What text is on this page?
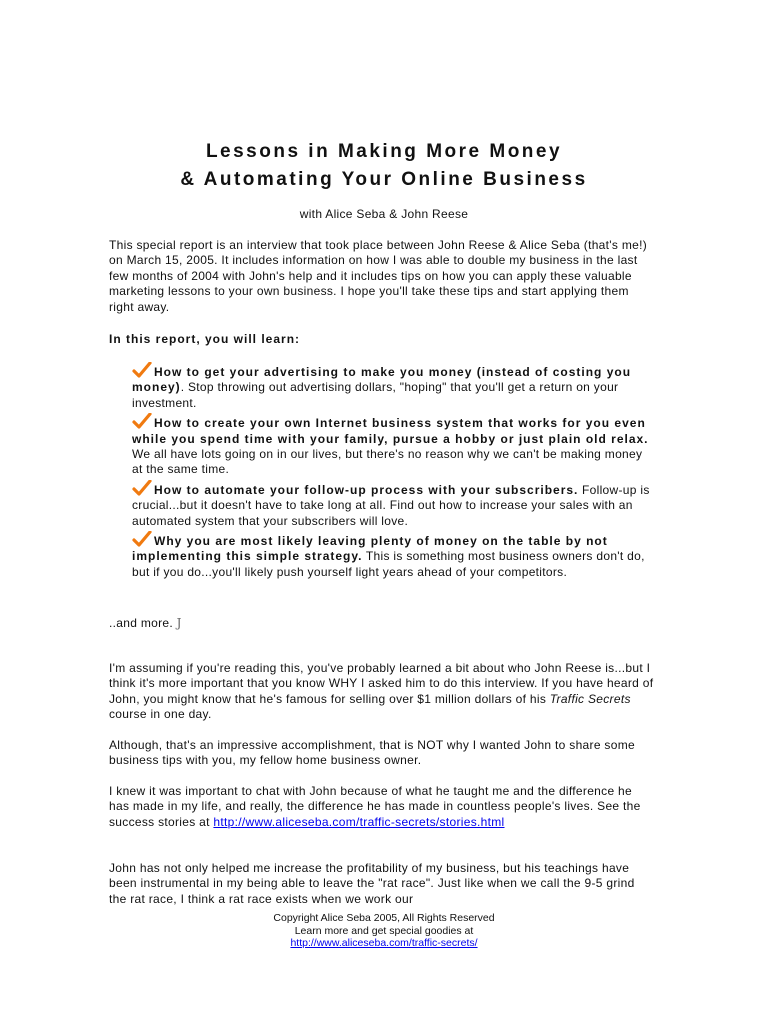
Lessons in Making More Money
& Automating Your Online Business
with Alice Seba & John Reese

This special report is an interview that took place between John Reese & Alice Seba (that's me!) on March 15, 2005. It includes information on how I was able to double my business in the last few months of 2004 with John's help and it includes tips on how you can apply these valuable marketing lessons to your own business. I hope you'll take these tips and start applying them right away.

In this report, you will learn:

How to get your advertising to make you money (instead of costing you money). Stop throwing out advertising dollars, "hoping" that you'll get a return on your investment.
How to create your own Internet business system that works for you even while you spend time with your family, pursue a hobby or just plain old relax. We all have lots going on in our lives, but there's no reason why we can't be making money at the same time.
How to automate your follow-up process with your subscribers. Follow-up is crucial...but it doesn't have to take long at all. Find out how to increase your sales with an automated system that your subscribers will love.
Why you are most likely leaving plenty of money on the table by not implementing this simple strategy. This is something most business owners don't do, but if you do...you'll likely push yourself light years ahead of your competitors.

..and more. J

I'm assuming if you're reading this, you've probably learned a bit about who John Reese is...but I think it's more important that you know WHY I asked him to do this interview. If you have heard of John, you might know that he's famous for selling over $1 million dollars of his Traffic Secrets course in one day.

Although, that's an impressive accomplishment, that is NOT why I wanted John to share some business tips with you, my fellow home business owner.

I knew it was important to chat with John because of what he taught me and the difference he has made in my life, and really, the difference he has made in countless people's lives. See the success stories at http://www.aliceseba.com/traffic-secrets/stories.html

John has not only helped me increase the profitability of my business, but his teachings have been instrumental in my being able to leave the "rat race". Just like when we call the 9-5 grind the rat race, I think a rat race exists when we work our

Copyright Alice Seba 2005, All Rights Reserved
Learn more and get special goodies at
http://www.aliceseba.com/traffic-secrets/
